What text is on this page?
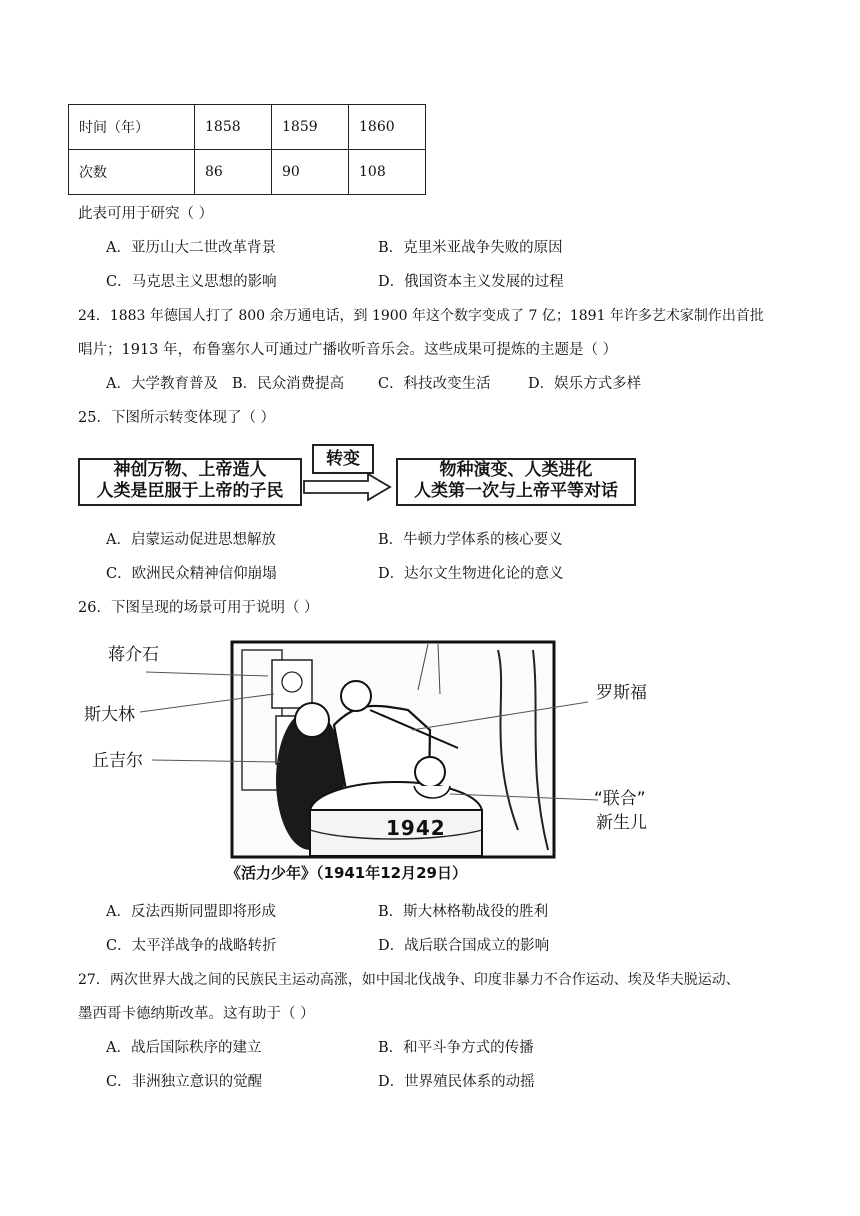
时间（年）	1858	1859	1860
次数	86	90	108
此表可用于研究（ ）
A．亚历山大二世改革背景	B．克里米亚战争失败的原因
C．马克思主义思想的影响	D．俄国资本主义发展的过程
24．1883 年德国人打了 800 余万通电话，到 1900 年这个数字变成了 7 亿；1891 年许多艺术家制作出首批
唱片；1913 年，布鲁塞尔人可通过广播收听音乐会。这些成果可提炼的主题是（ ）
A．大学教育普及 B．民众消费提高 C．科技改变生活	D．娱乐方式多样
25．下图所示转变体现了（ ）
神创万物、上帝造人
人类是臣服于上帝的子民
转变
物种演变、人类进化
人类第一次与上帝平等对话
A．启蒙运动促进思想解放	B．牛顿力学体系的核心要义
C．欧洲民众精神信仰崩塌	D．达尔文生物进化论的意义
26．下图呈现的场景可用于说明（ ）
1942
蒋介石
斯大林
丘吉尔
罗斯福
“联合”
新生儿
《活力少年》（1941年12月29日）
A．反法西斯同盟即将形成	B．斯大林格勒战役的胜利
C．太平洋战争的战略转折	D．战后联合国成立的影响
27．两次世界大战之间的民族民主运动高涨，如中国北伐战争、印度非暴力不合作运动、埃及华夫脱运动、
墨西哥卡德纳斯改革。这有助于（ ）
A．战后国际秩序的建立	B．和平斗争方式的传播
C．非洲独立意识的觉醒	D．世界殖民体系的动摇
